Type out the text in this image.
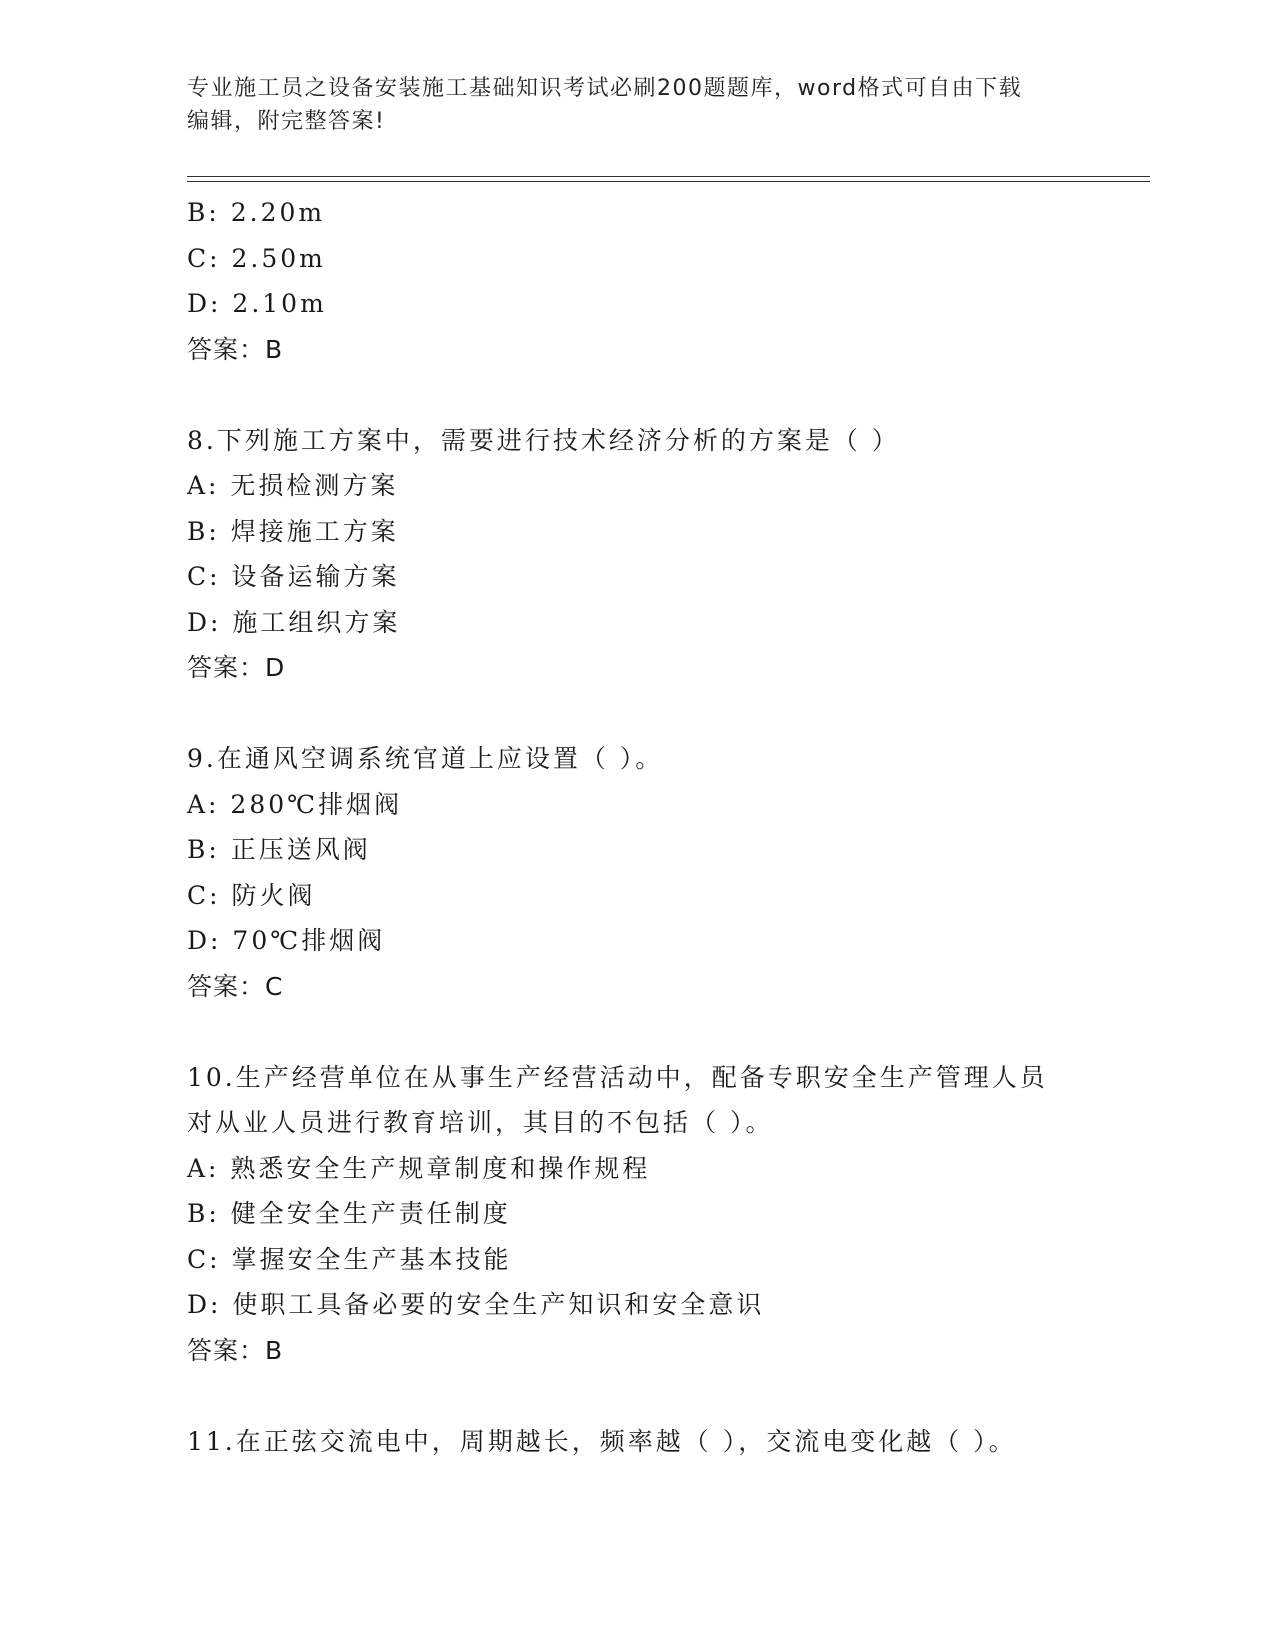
专业施工员之设备安装施工基础知识考试必刷200题题库，word格式可自由下载
编辑，附完整答案!
B: 2.20m
C: 2.50m
D: 2.10m
答案：B
8.下列施工方案中，需要进行技术经济分析的方案是（ ）
A: 无损检测方案
B: 焊接施工方案
C: 设备运输方案
D: 施工组织方案
答案：D
9.在通风空调系统官道上应设置（ ）。
A: 280℃排烟阀
B: 正压送风阀
C: 防火阀
D: 70℃排烟阀
答案：C
10.生产经营单位在从事生产经营活动中，配备专职安全生产管理人员
对从业人员进行教育培训，其目的不包括（ ）。
A: 熟悉安全生产规章制度和操作规程
B: 健全安全生产责任制度
C: 掌握安全生产基本技能
D: 使职工具备必要的安全生产知识和安全意识
答案：B
11.在正弦交流电中，周期越长，频率越（ ），交流电变化越（ ）。
